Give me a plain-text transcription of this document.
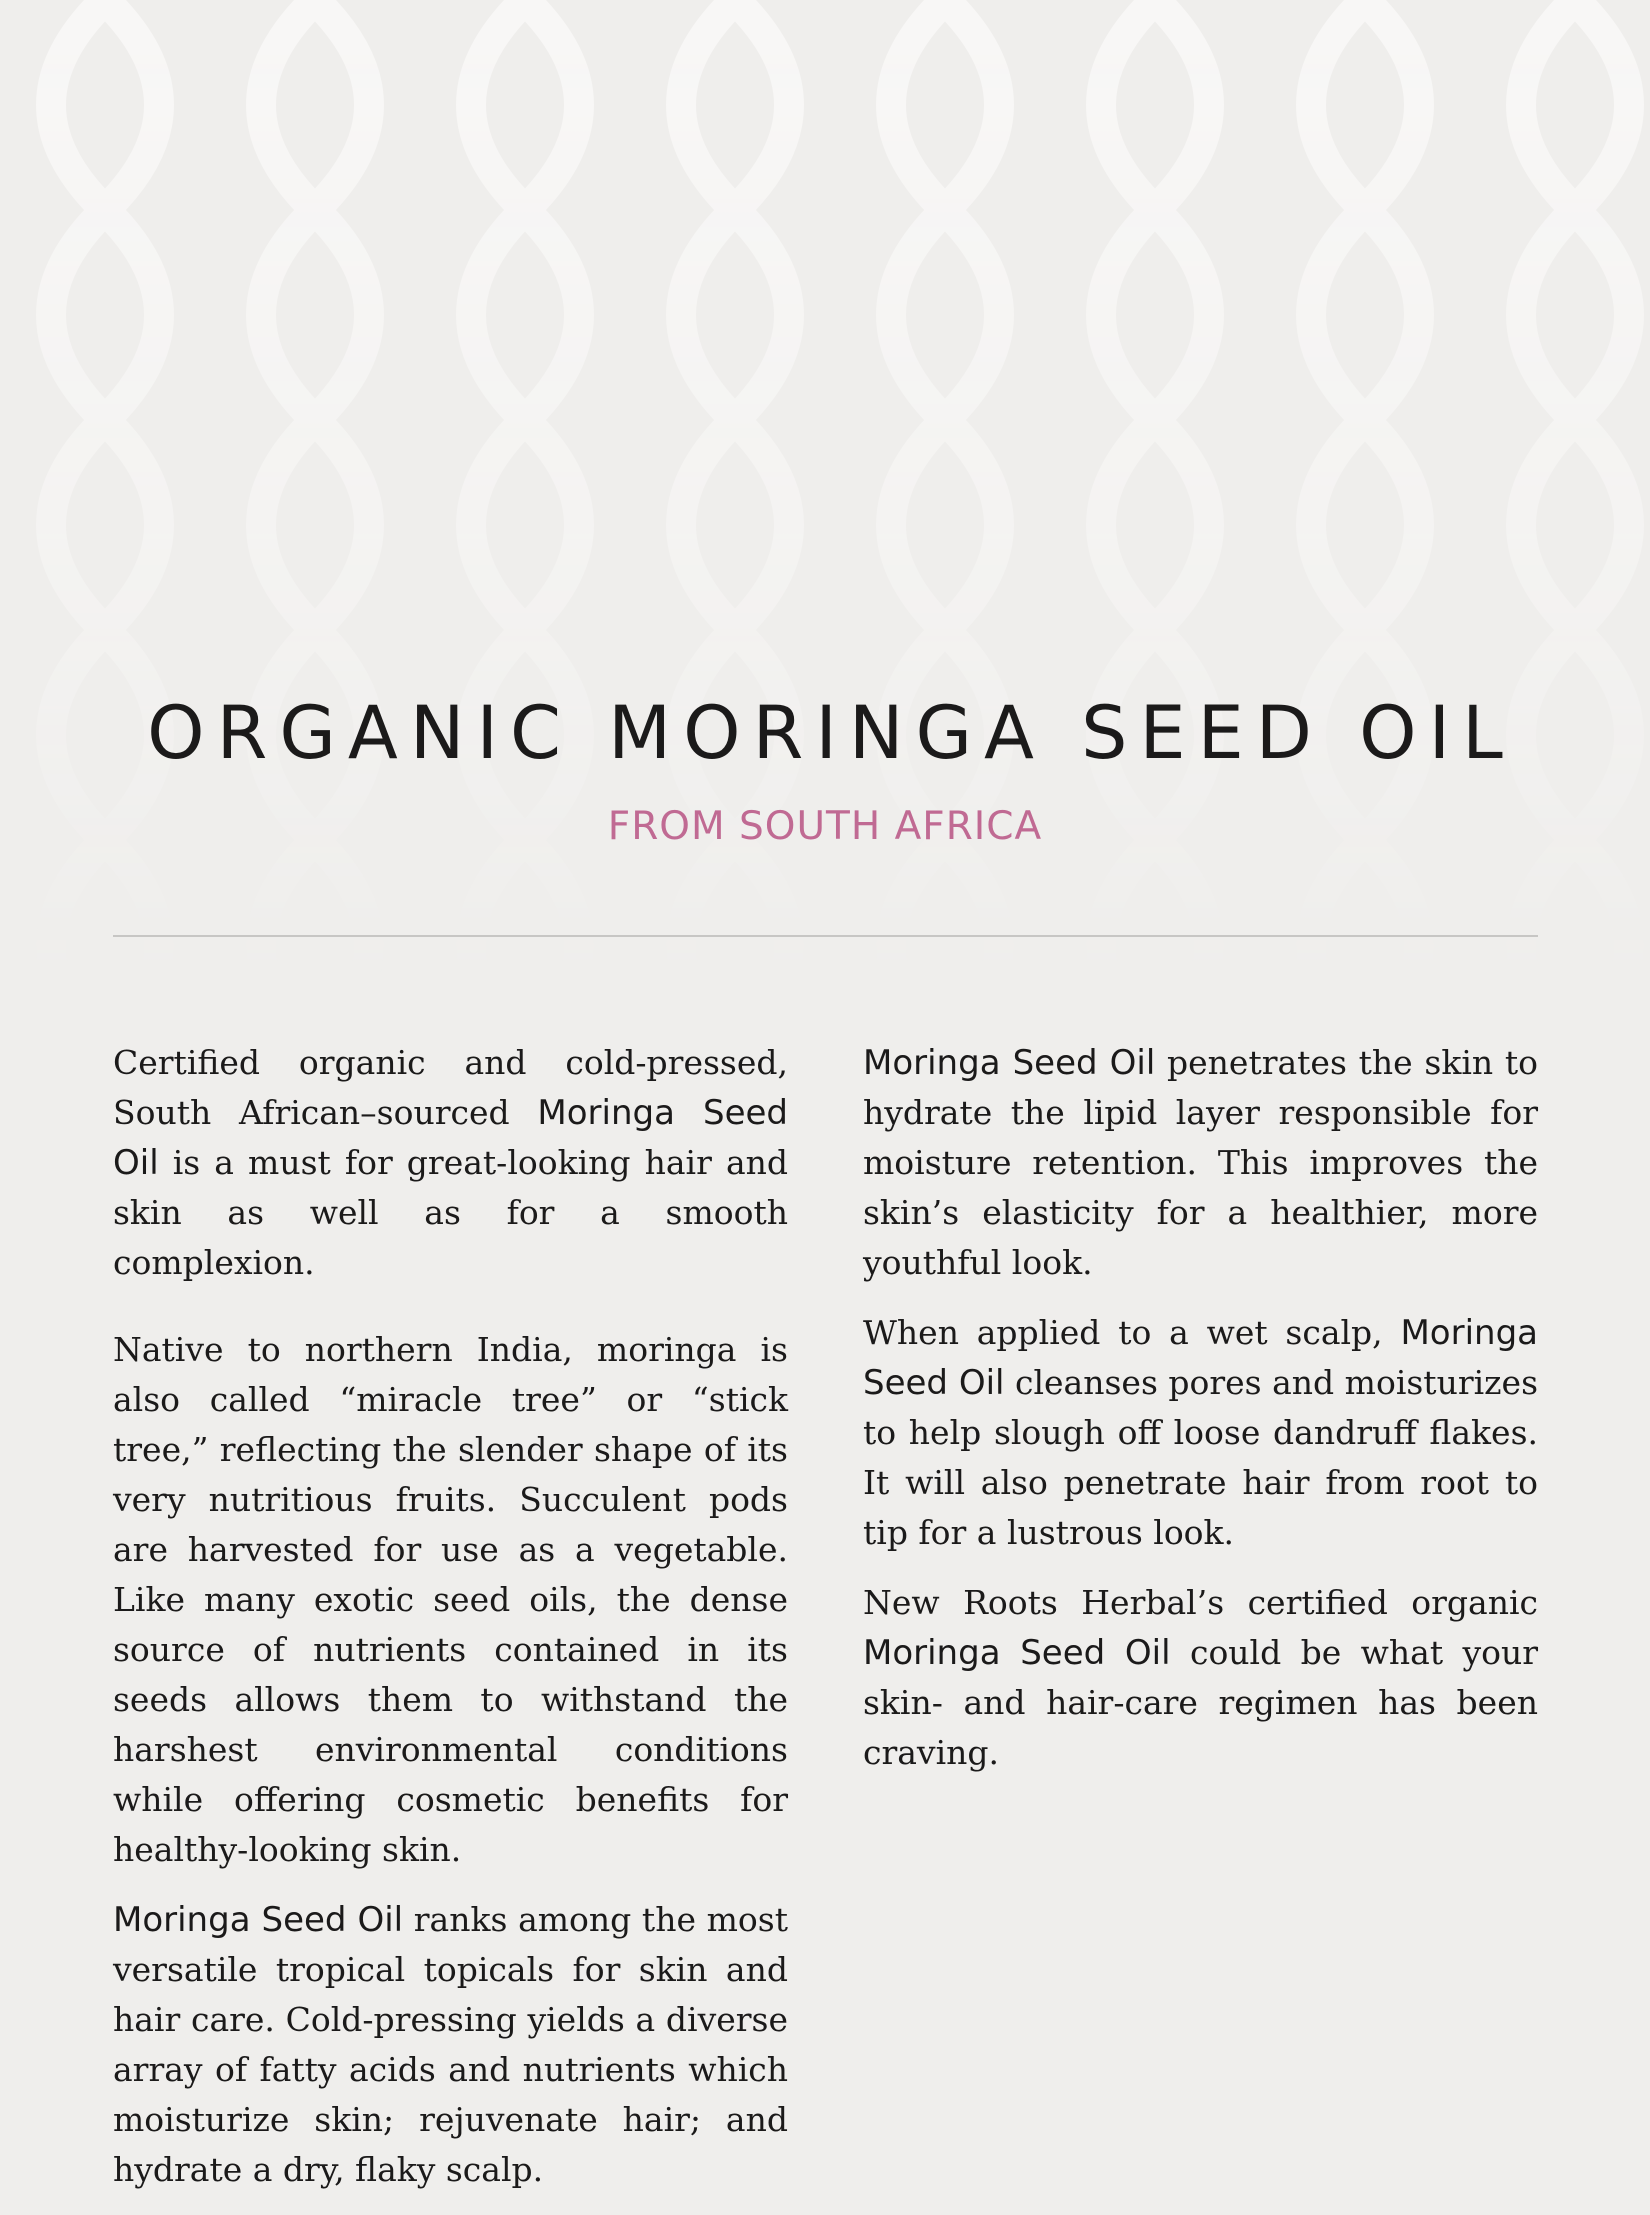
ORGANIC MORINGA SEED OIL
FROM SOUTH AFRICA

Certified organic and cold-pressed, South African–sourced Moringa Seed Oil is a must for great-looking hair and skin as well as for a smooth complexion.

Native to northern India, moringa is also called “miracle tree” or “stick tree,” reflecting the slender shape of its very nutritious fruits. Succulent pods are harvested for use as a vegetable. Like many exotic seed oils, the dense source of nutrients contained in its seeds allows them to withstand the harshest environmental conditions while offering cosmetic benefits for healthy-looking skin.

Moringa Seed Oil ranks among the most versatile tropical topicals for skin and hair care. Cold-pressing yields a diverse array of fatty acids and nutrients which moisturize skin; rejuvenate hair; and hydrate a dry, flaky scalp.

Moringa Seed Oil penetrates the skin to hydrate the lipid layer responsible for moisture retention. This improves the skin’s elasticity for a healthier, more youthful look.

When applied to a wet scalp, Moringa Seed Oil cleanses pores and moisturizes to help slough off loose dandruff flakes. It will also penetrate hair from root to tip for a lustrous look.

New Roots Herbal’s certified organic Moringa Seed Oil could be what your skin- and hair-care regimen has been craving.
